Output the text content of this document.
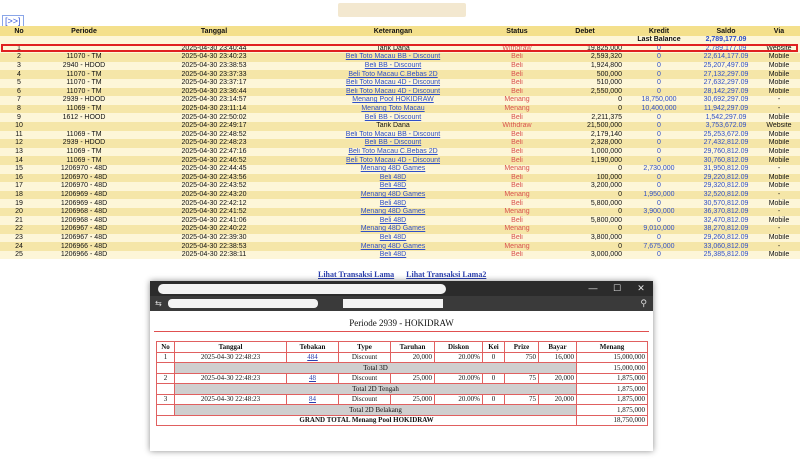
[>>]
No	Periode	Tanggal	Keterangan	Status	Debet	Kredit	Saldo	Via
						Last Balance	2,789,177.09	
1		2025-04-30 23:40:44	Tarik Dana	Withdraw	19,825,000	0	2,789,177.09	Website
2	11070 - TM	2025-04-30 23:40:23	Beli Toto Macau BB - Discount	Beli	2,593,320	0	22,614,177.09	Mobile
3	2940 - HDOD	2025-04-30 23:38:53	Beli BB - Discount	Beli	1,924,800	0	25,207,497.09	Mobile
4	11070 - TM	2025-04-30 23:37:33	Beli Toto Macau C.Bebas 2D	Beli	500,000	0	27,132,297.09	Mobile
5	11070 - TM	2025-04-30 23:37:17	Beli Toto Macau 4D - Discount	Beli	510,000	0	27,632,297.09	Mobile
6	11070 - TM	2025-04-30 23:36:44	Beli Toto Macau 4D - Discount	Beli	2,550,000	0	28,142,297.09	Mobile
7	2939 - HDOD	2025-04-30 23:14:57	Menang Pool HOKIDRAW	Menang	0	18,750,000	30,692,297.09	-
8	11069 - TM	2025-04-30 23:11:14	Menang Toto Macau	Menang	0	10,400,000	11,942,297.09	-
9	1612 - HOOD	2025-04-30 22:50:02	Beli BB - Discount	Beli	2,211,375	0	1,542,297.09	Mobile
10		2025-04-30 22:49:17	Tarik Dana	Withdraw	21,500,000	0	3,753,672.09	Website
11	11069 - TM	2025-04-30 22:48:52	Beli Toto Macau BB - Discount	Beli	2,179,140	0	25,253,672.09	Mobile
12	2939 - HDOD	2025-04-30 22:48:23	Beli BB - Discount	Beli	2,328,000	0	27,432,812.09	Mobile
13	11069 - TM	2025-04-30 22:47:16	Beli Toto Macau C.Bebas 2D	Beli	1,000,000	0	29,760,812.09	Mobile
14	11069 - TM	2025-04-30 22:46:52	Beli Toto Macau 4D - Discount	Beli	1,190,000	0	30,760,812.09	Mobile
15	1206970 - 48D	2025-04-30 22:44:45	Menang 48D Games	Menang	0	2,730,000	31,950,812.09	-
16	1206970 - 48D	2025-04-30 22:43:56	Beli 48D	Beli	100,000	0	29,220,812.09	Mobile
17	1206970 - 48D	2025-04-30 22:43:52	Beli 48D	Beli	3,200,000	0	29,320,812.09	Mobile
18	1206969 - 48D	2025-04-30 22:43:20	Menang 48D Games	Menang	0	1,950,000	32,520,812.09	-
19	1206969 - 48D	2025-04-30 22:42:12	Beli 48D	Beli	5,800,000	0	30,570,812.09	Mobile
20	1206968 - 48D	2025-04-30 22:41:52	Menang 48D Games	Menang	0	3,900,000	36,370,812.09	-
21	1206968 - 48D	2025-04-30 22:41:06	Beli 48D	Beli	5,800,000	0	32,470,812.09	Mobile
22	1206967 - 48D	2025-04-30 22:40:22	Menang 48D Games	Menang	0	9,010,000	38,270,812.09	-
23	1206967 - 48D	2025-04-30 22:39:30	Beli 48D	Beli	3,800,000	0	29,260,812.09	Mobile
24	1206966 - 48D	2025-04-30 22:38:53	Menang 48D Games	Menang	0	7,675,000	33,060,812.09	-
25	1206966 - 48D	2025-04-30 22:38:11	Beli 48D	Beli	3,000,000	0	25,385,812.09	Mobile
Lihat Transaksi Lama Lihat Transaksi Lama2
—	☐	✕
⇆	⚲
Periode 2939 - HOKIDRAW
No	Tanggal	Tebakan	Type	Taruhan	Diskon	Kei	Prize	Bayar	Menang
1	2025-04-30 22:48:23	484	Discount	20,000	20.00%	0	750	16,000	15,000,000
	Total 3D								15,000,000
2	2025-04-30 22:48:23	48	Discount	25,000	20.00%	0	75	20,000	1,875,000
	Total 2D Tengah								1,875,000
3	2025-04-30 22:48:23	84	Discount	25,000	20.00%	0	75	20,000	1,875,000
	Total 2D Belakang								1,875,000
GRAND TOTAL Menang Pool HOKIDRAW									18,750,000
